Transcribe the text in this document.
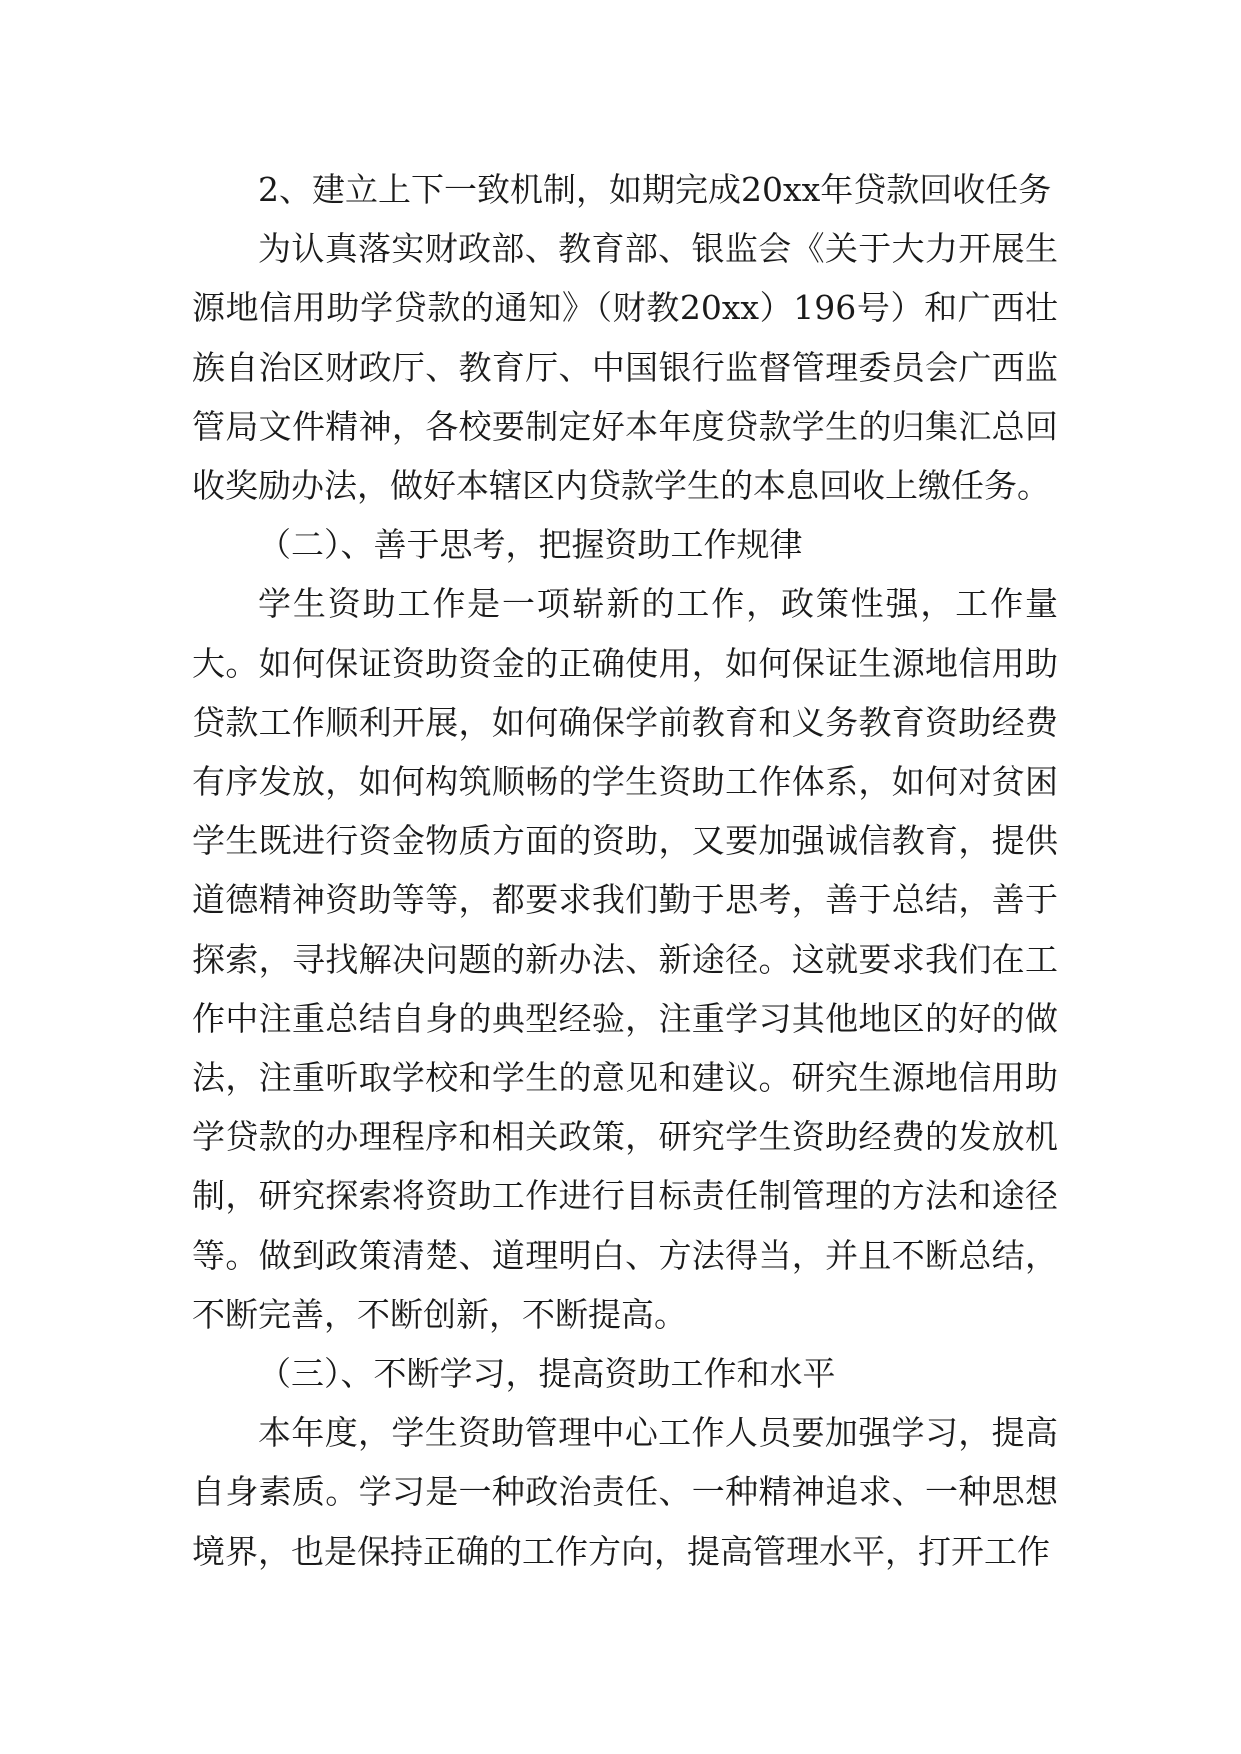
2、建立上下一致机制，如期完成20xx年贷款回收任务

为认真落实财政部、教育部、银监会《关于大力开展生源地信用助学贷款的通知》（财教20xx）196号）和广西壮族自治区财政厅、教育厅、中国银行监督管理委员会广西监管局文件精神，各校要制定好本年度贷款学生的归集汇总回收奖励办法，做好本辖区内贷款学生的本息回收上缴任务。

（二）、善于思考，把握资助工作规律

学生资助工作是一项崭新的工作，政策性强，工作量大。如何保证资助资金的正确使用，如何保证生源地信用助贷款工作顺利开展，如何确保学前教育和义务教育资助经费有序发放，如何构筑顺畅的学生资助工作体系，如何对贫困学生既进行资金物质方面的资助，又要加强诚信教育，提供道德精神资助等等，都要求我们勤于思考，善于总结，善于探索，寻找解决问题的新办法、新途径。这就要求我们在工作中注重总结自身的典型经验，注重学习其他地区的好的做法，注重听取学校和学生的意见和建议。研究生源地信用助学贷款的办理程序和相关政策，研究学生资助经费的发放机制，研究探索将资助工作进行目标责任制管理的方法和途径等。做到政策清楚、道理明白、方法得当，并且不断总结，不断完善，不断创新，不断提高。

（三）、不断学习，提高资助工作和水平

本年度，学生资助管理中心工作人员要加强学习，提高自身素质。学习是一种政治责任、一种精神追求、一种思想境界，也是保持正确的工作方向，提高管理水平，打开工作
